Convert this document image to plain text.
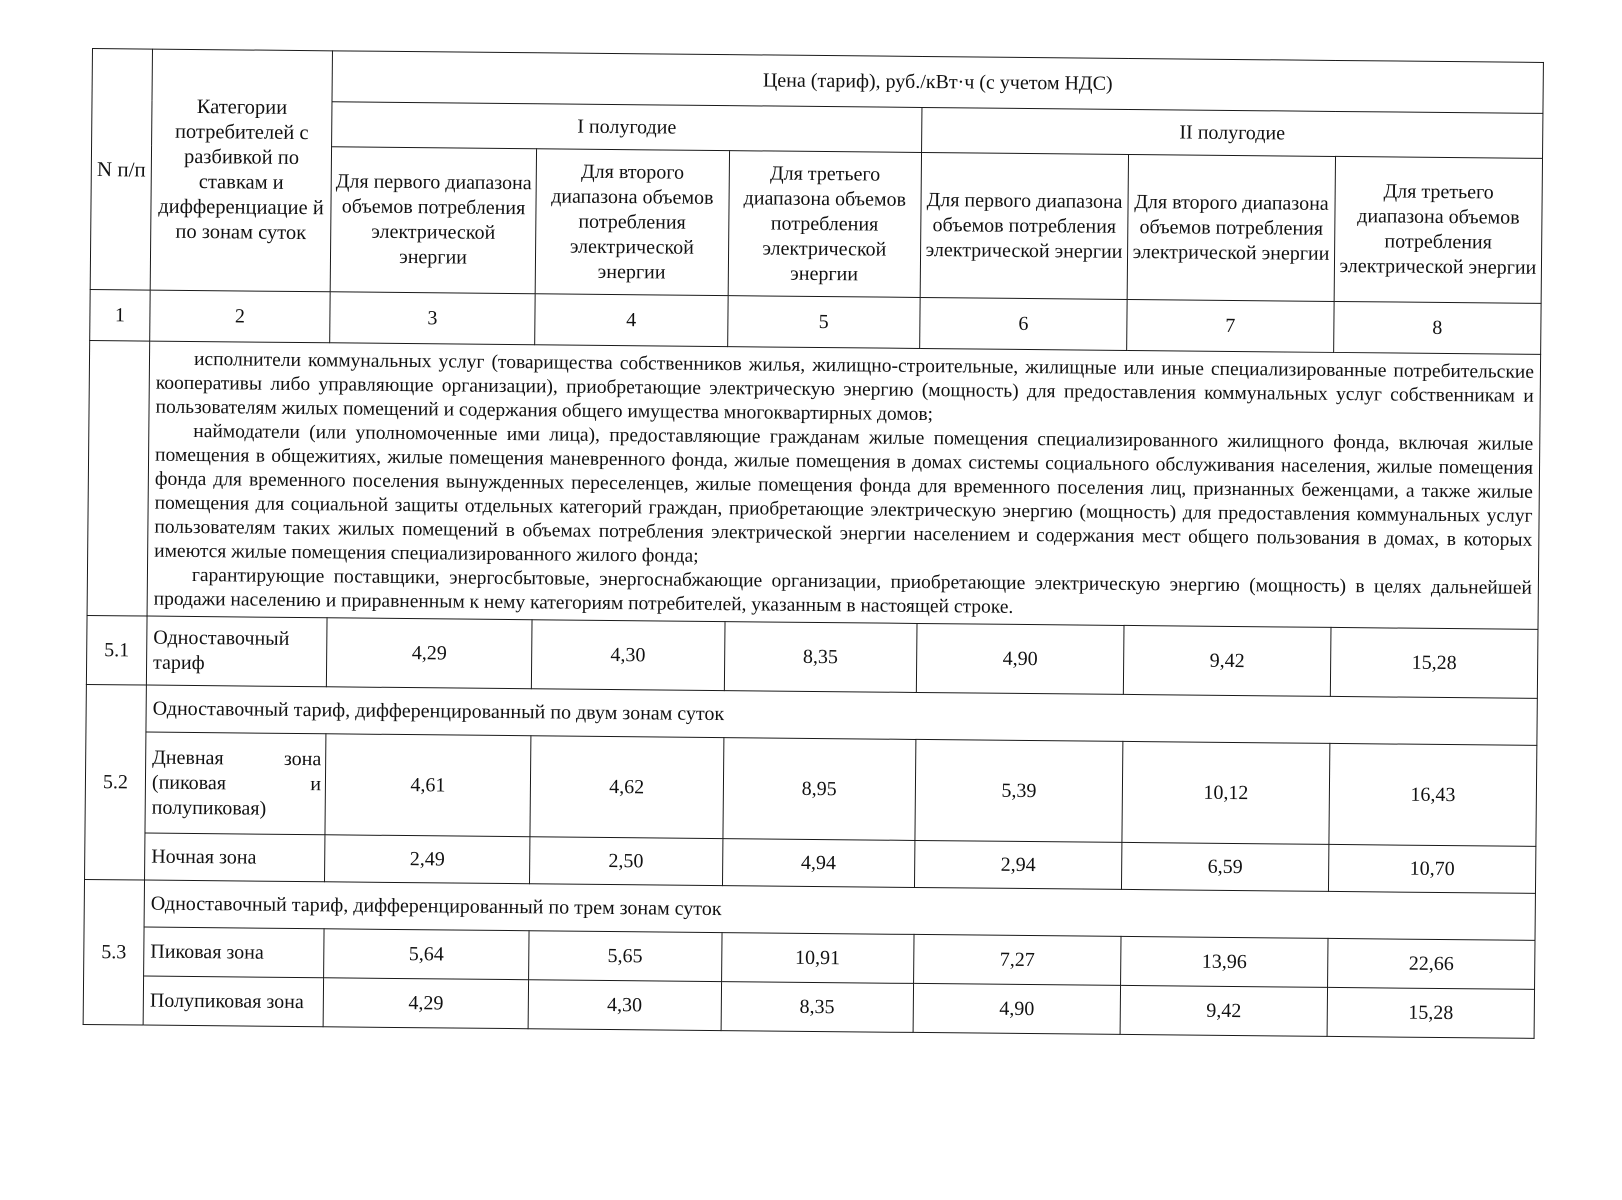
N п/п	Категории потребителей с разбивкой по ставкам и дифференциацие й по зонам суток	Цена (тариф), руб./кВт·ч (с учетом НДС)					
		I полугодие			II полугодие		
		Для первого диапазона объемов потребления электрической энергии	Для второго диапазона объемов потребления электрической энергии	Для третьего диапазона объемов потребления электрической энергии	Для первого диапазона объемов потребления электрической энергии	Для второго диапазона объемов потребления электрической энергии	Для третьего диапазона объемов потребления электрической энергии
1	2	3	4	5	6	7	8

	исполнители коммунальных услуг (товарищества собственников жилья, жилищно-строительные, жилищные или иные специализированные потребительские кооперативы либо управляющие организации), приобретающие электрическую энергию (мощность) для предоставления коммунальных услуг собственникам и пользователям жилых помещений и содержания общего имущества многоквартирных домов;

наймодатели (или уполномоченные ими лица), предоставляющие гражданам жилые помещения специализированного жилищного фонда, включая жилые помещения в общежитиях, жилые помещения маневренного фонда, жилые помещения в домах системы социального обслуживания населения, жилые помещения фонда для временного поселения вынужденных переселенцев, жилые помещения фонда для временного поселения лиц, признанных беженцами, а также жилые помещения для социальной защиты отдельных категорий граждан, приобретающие электрическую энергию (мощность) для предоставления коммунальных услуг пользователям таких жилых помещений в объемах потребления электрической энергии населением и содержания мест общего пользования в домах, в которых имеются жилые помещения специализированного жилого фонда;

гарантирующие поставщики, энергосбытовые, энергоснабжающие организации, приобретающие электрическую энергию (мощность) в целях дальнейшей продажи населению и приравненным к нему категориям потребителей, указанным в настоящей строке.						

5.1	Одноставочный тариф	4,29	4,30	8,35	4,90	9,42	15,28
5.2	Одноставочный тариф, дифференцированный по двум зонам суток						

	Дневная зона
(пиковая и
полупиковая)	4,61	4,62	8,95	5,39	10,12	16,43
	Ночная зона	2,49	2,50	4,94	2,94	6,59	10,70
5.3	Одноставочный тариф, дифференцированный по трем зонам суток						
	Пиковая зона	5,64	5,65	10,91	7,27	13,96	22,66
	Полупиковая зона	4,29	4,30	8,35	4,90	9,42	15,28
